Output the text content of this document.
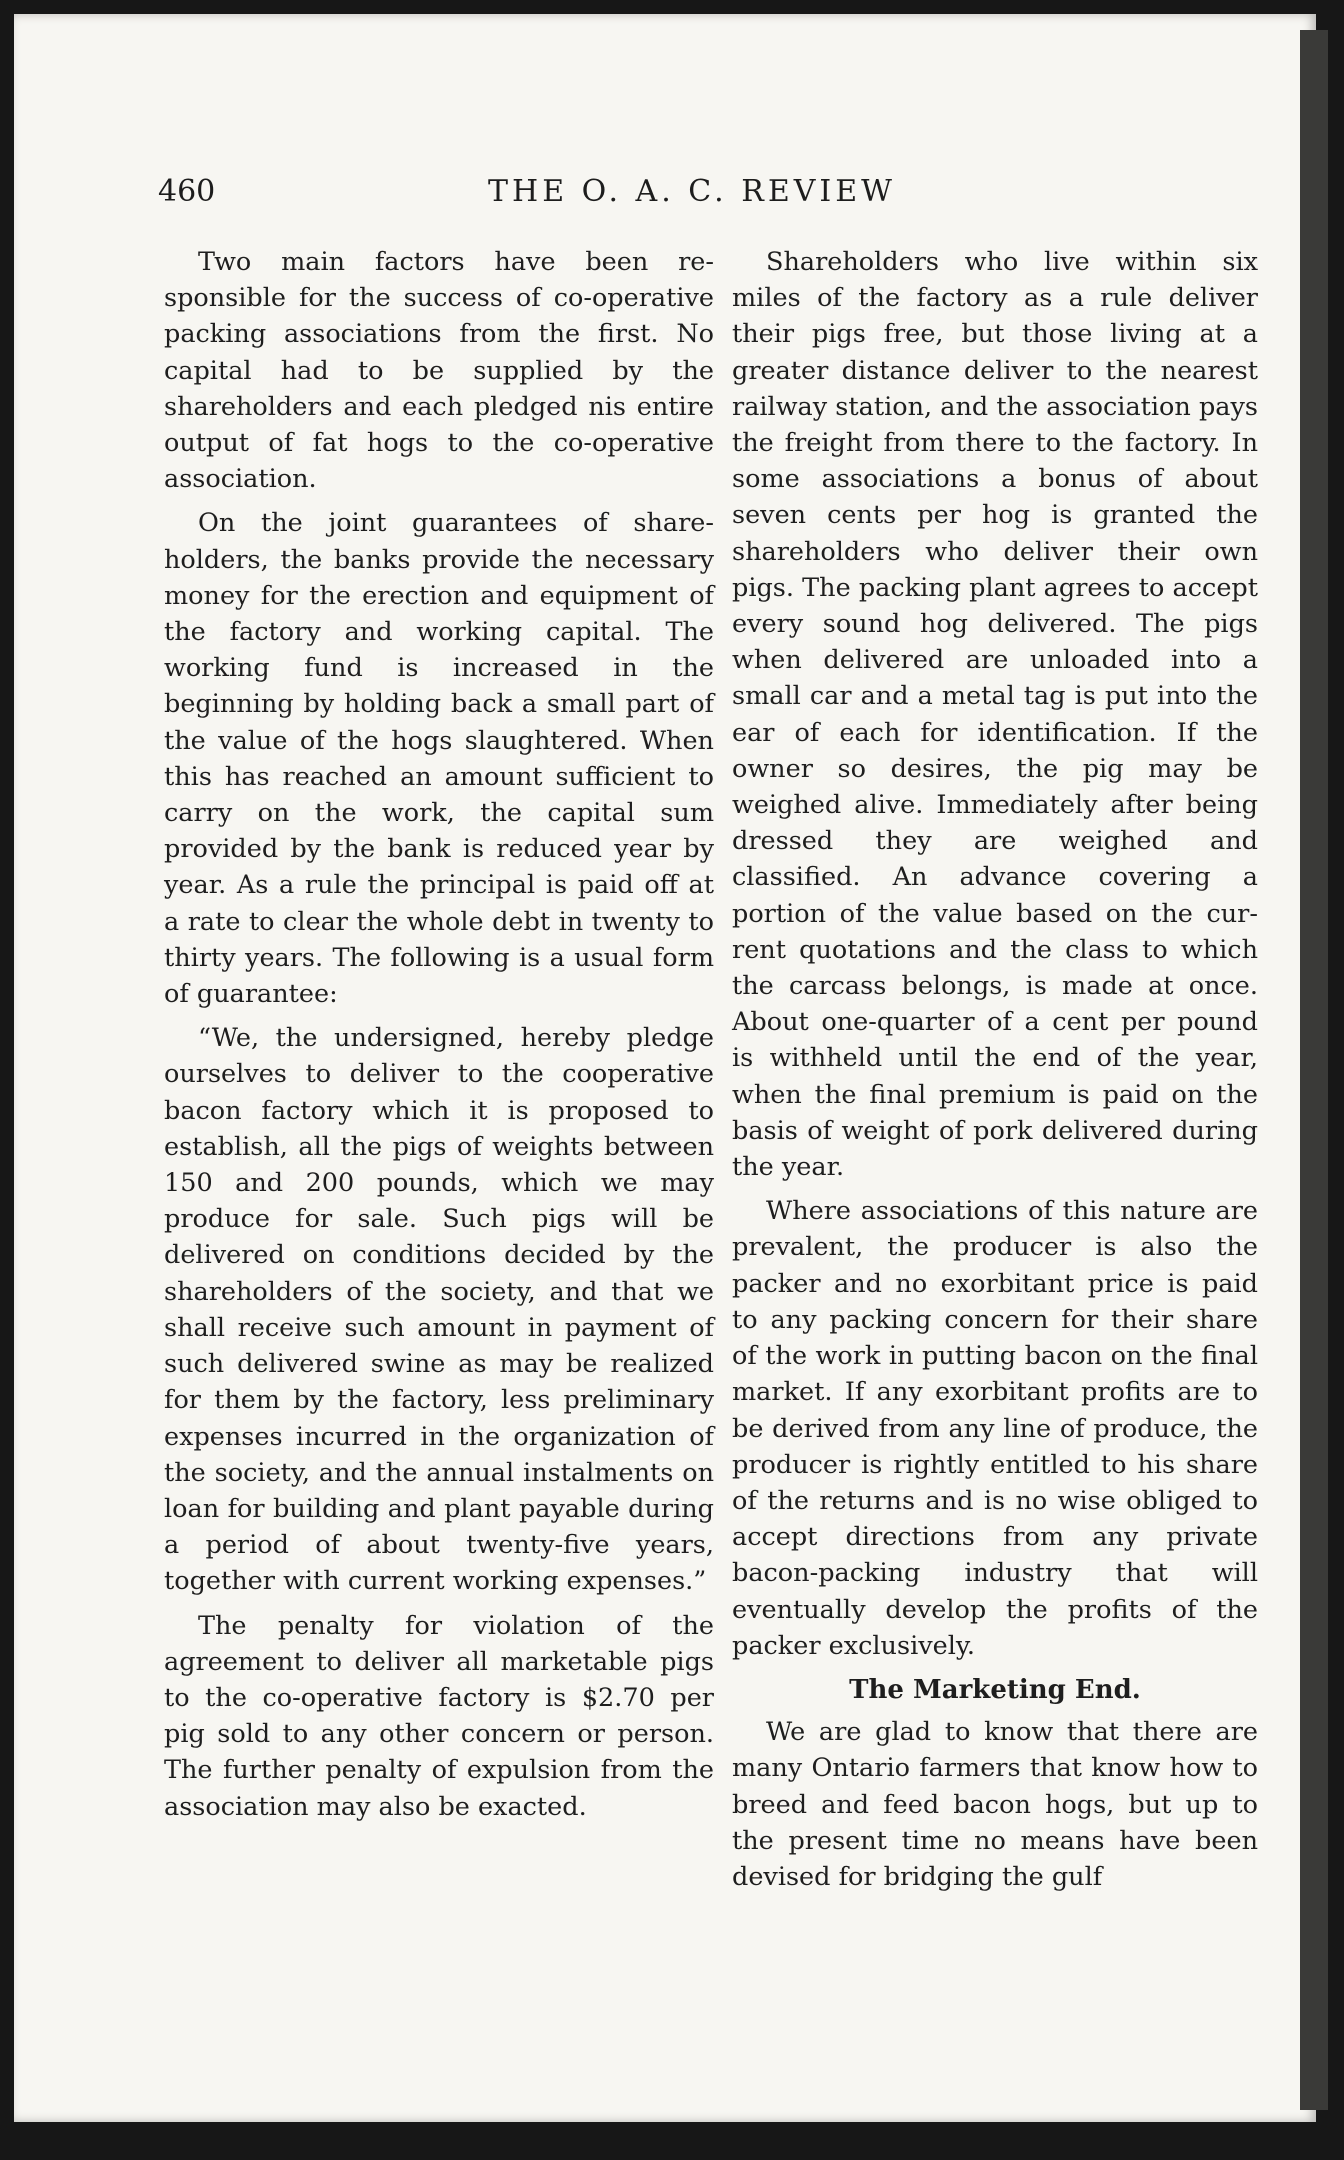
460	THE O. A. C. REVIEW

Two main factors have been responsible for the success of co-operative packing associations from the first. No capital had to be supplied by the shareholders and each pledged nis entire output of fat hogs to the co-operative association.

On the joint guarantees of shareholders, the banks provide the necessary money for the erection and equipment of the factory and working capital. The working fund is increased in the beginning by holding back a small part of the value of the hogs slaughtered. When this has reached an amount sufficient to carry on the work, the capital sum provided by the bank is reduced year by year. As a rule the principal is paid off at a rate to clear the whole debt in twenty to thirty years. The following is a usual form of guarantee:

“We, the undersigned, hereby pledge ourselves to deliver to the cooperative bacon factory which it is proposed to establish, all the pigs of weights between 150 and 200 pounds, which we may produce for sale. Such pigs will be delivered on conditions decided by the shareholders of the society, and that we shall receive such amount in payment of such delivered swine as may be realized for them by the factory, less preliminary expenses incurred in the organization of the society, and the annual instalments on loan for building and plant payable during a period of about twenty-five years, together with current working expenses.”

The penalty for violation of the agreement to deliver all marketable pigs to the co-operative factory is $2.70 per pig sold to any other concern or person. The further penalty of expulsion from the association may also be exacted.

Shareholders who live within six miles of the factory as a rule deliver their pigs free, but those living at a greater distance deliver to the nearest railway station, and the association pays the freight from there to the factory. In some associations a bonus of about seven cents per hog is granted the shareholders who deliver their own pigs. The packing plant agrees to accept every sound hog delivered. The pigs when delivered are unloaded into a small car and a metal tag is put into the ear of each for identification. If the owner so desires, the pig may be weighed alive. Immediately after being dressed they are weighed and classified. An advance covering a portion of the value based on the current quotations and the class to which the carcass belongs, is made at once. About one-quarter of a cent per pound is withheld until the end of the year, when the final premium is paid on the basis of weight of pork delivered during the year.

Where associations of this nature are prevalent, the producer is also the packer and no exorbitant price is paid to any packing concern for their share of the work in putting bacon on the final market. If any exorbitant profits are to be derived from any line of produce, the producer is rightly entitled to his share of the returns and is no wise obliged to accept directions from any private bacon-packing industry that will eventually develop the profits of the packer exclusively.

The Marketing End.

We are glad to know that there are many Ontario farmers that know how to breed and feed bacon hogs, but up to the present time no means have been devised for bridging the gulf
